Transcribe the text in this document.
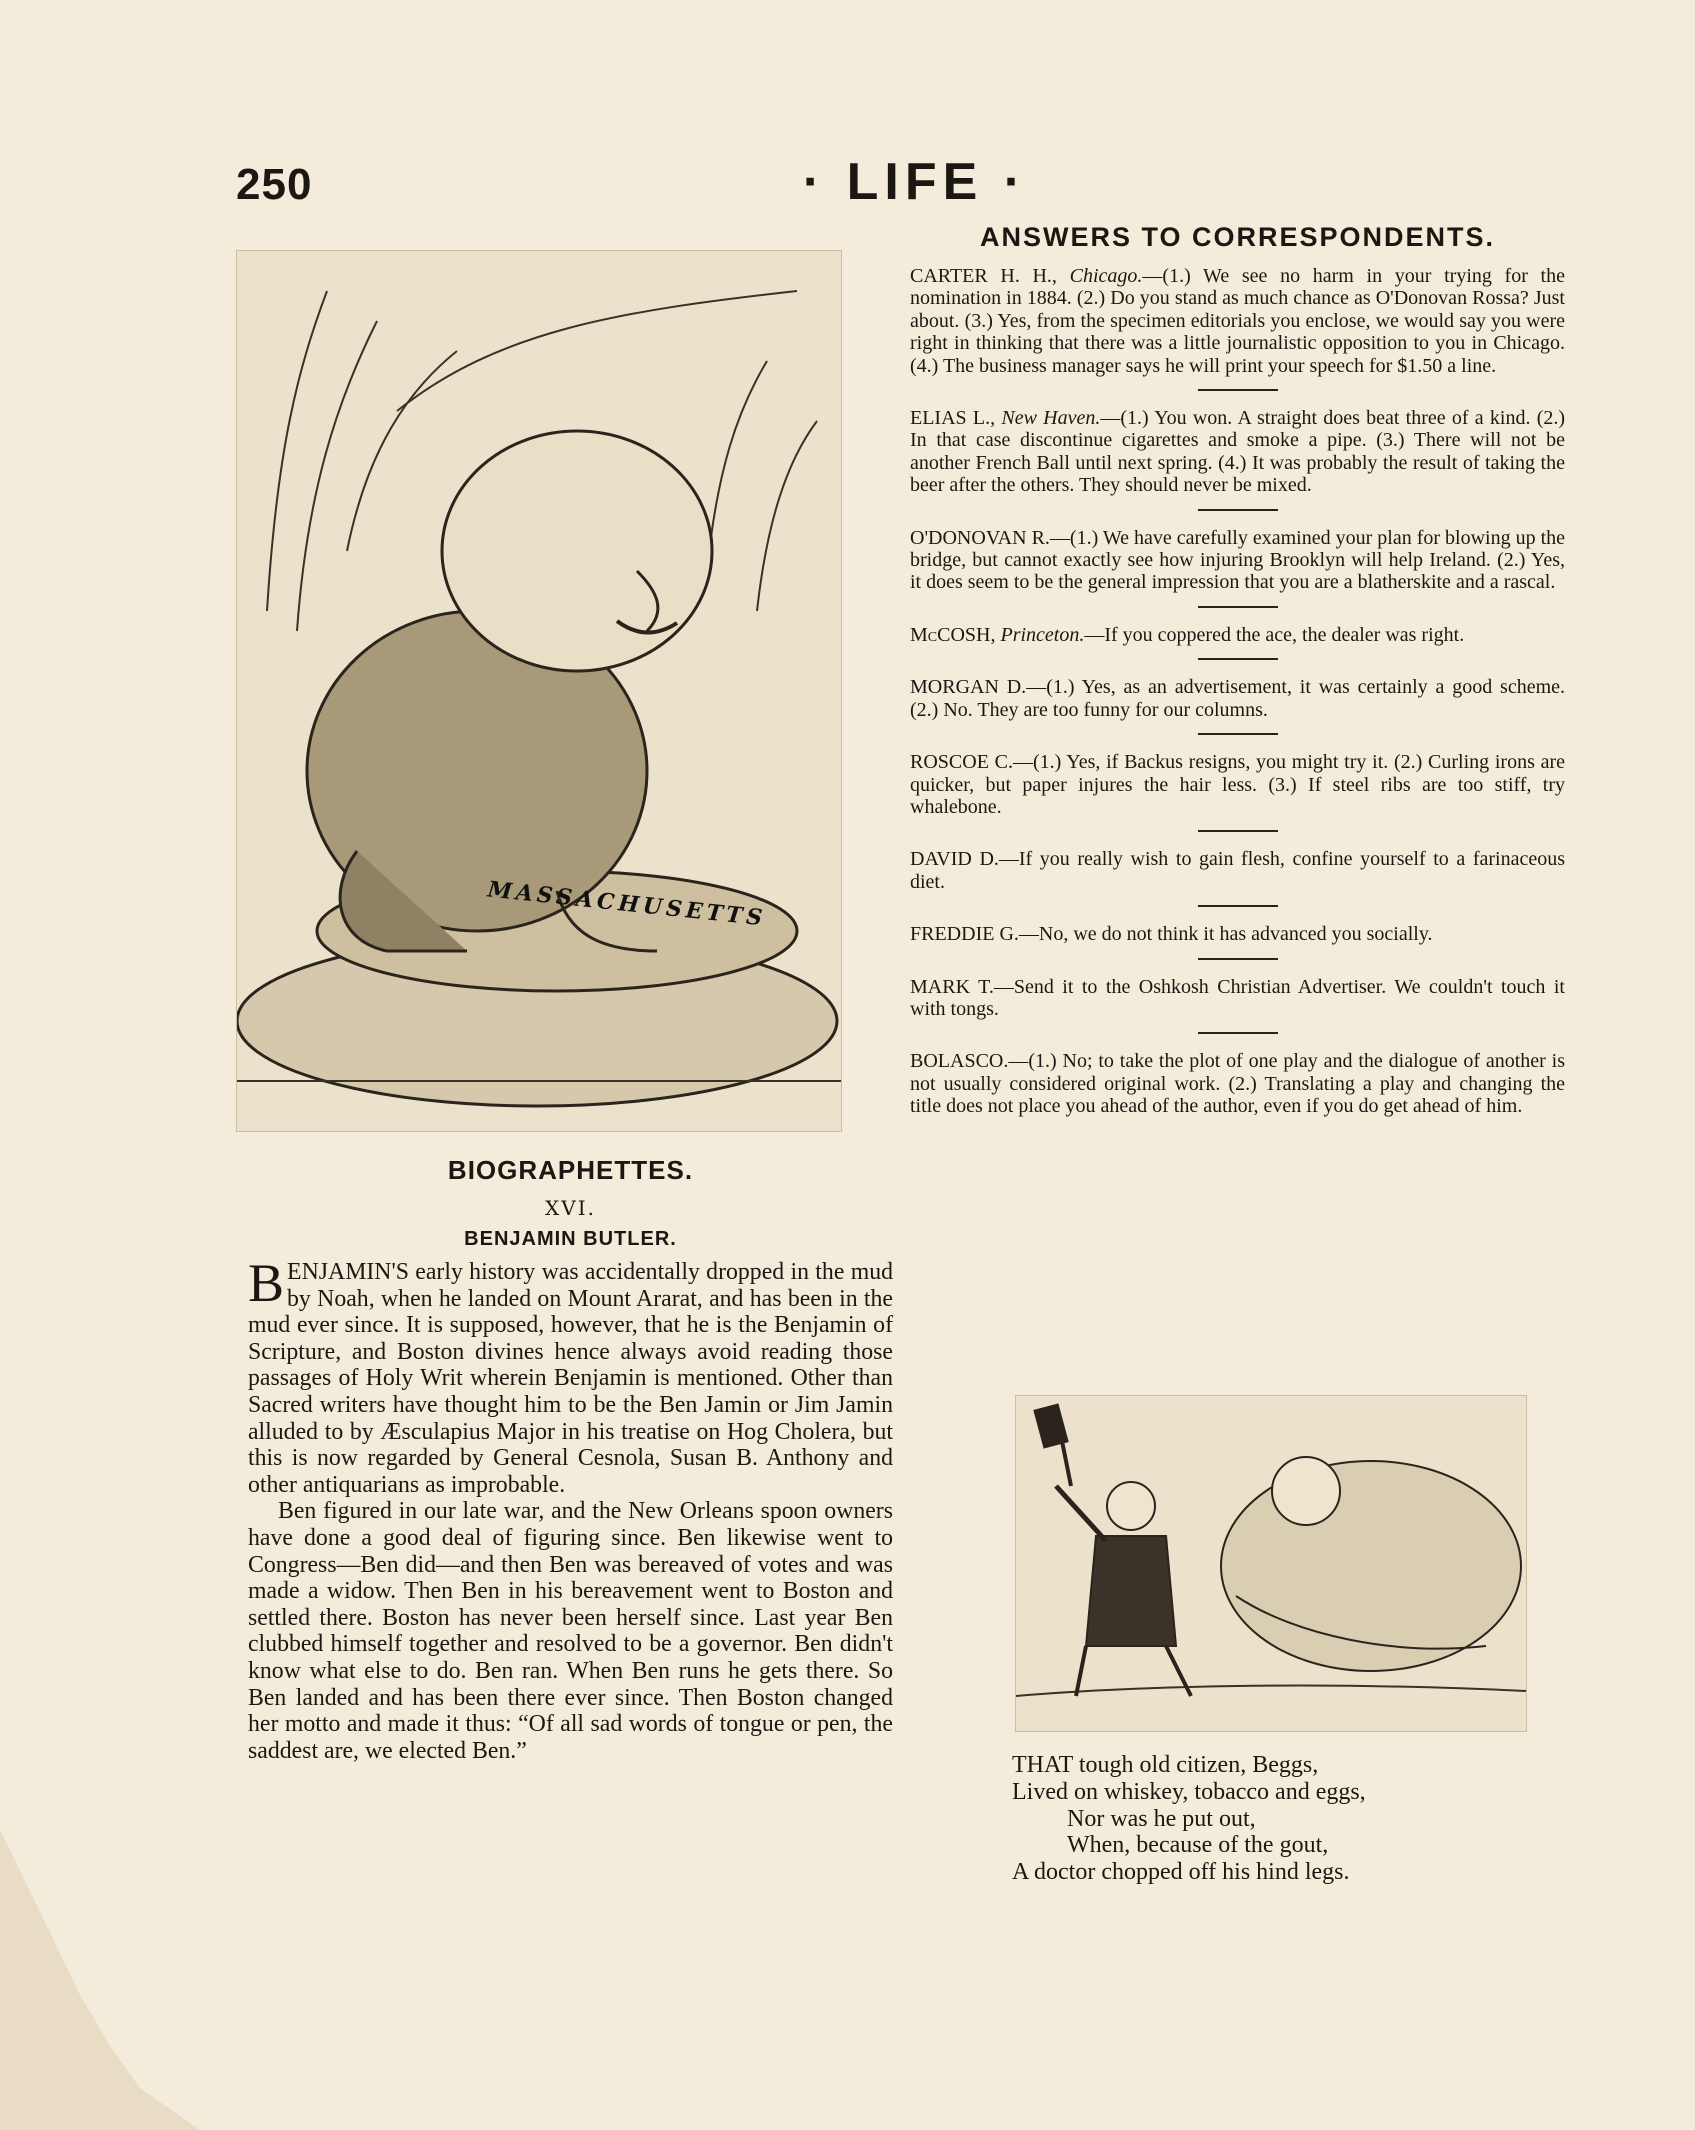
250	· LIFE ·
MASSACHUSETTS
BIOGRAPHETTES.
XVI.
BENJAMIN BUTLER.

BENJAMIN'S early history was accidentally dropped in the mud by Noah, when he landed on Mount Ararat, and has been in the mud ever since. It is supposed, however, that he is the Benjamin of Scripture, and Boston divines hence always avoid reading those passages of Holy Writ wherein Benjamin is mentioned. Other than Sacred writers have thought him to be the Ben Jamin or Jim Jamin alluded to by Æsculapius Major in his treatise on Hog Cholera, but this is now regarded by General Cesnola, Susan B. Anthony and other antiquarians as improbable.

Ben figured in our late war, and the New Orleans spoon owners have done a good deal of figuring since. Ben likewise went to Congress—Ben did—and then Ben was bereaved of votes and was made a widow. Then Ben in his bereavement went to Boston and settled there. Boston has never been herself since. Last year Ben clubbed himself together and resolved to be a governor. Ben didn't know what else to do. Ben ran. When Ben runs he gets there. So Ben landed and has been there ever since. Then Boston changed her motto and made it thus: “Of all sad words of tongue or pen, the saddest are, we elected Ben.”

ANSWERS TO CORRESPONDENTS.

CARTER H. H., Chicago.—(1.) We see no harm in your trying for the nomination in 1884. (2.) Do you stand as much chance as O'Donovan Rossa? Just about. (3.) Yes, from the specimen editorials you enclose, we would say you were right in thinking that there was a little journalistic opposition to you in Chicago. (4.) The business manager says he will print your speech for $1.50 a line.

ELIAS L., New Haven.—(1.) You won. A straight does beat three of a kind. (2.) In that case discontinue cigarettes and smoke a pipe. (3.) There will not be another French Ball until next spring. (4.) It was probably the result of taking the beer after the others. They should never be mixed.

O'DONOVAN R.—(1.) We have carefully examined your plan for blowing up the bridge, but cannot exactly see how injuring Brooklyn will help Ireland. (2.) Yes, it does seem to be the general impression that you are a blatherskite and a rascal.

McCOSH, Princeton.—If you coppered the ace, the dealer was right.

MORGAN D.—(1.) Yes, as an advertisement, it was certainly a good scheme. (2.) No. They are too funny for our columns.

ROSCOE C.—(1.) Yes, if Backus resigns, you might try it. (2.) Curling irons are quicker, but paper injures the hair less. (3.) If steel ribs are too stiff, try whalebone.

DAVID D.—If you really wish to gain flesh, confine yourself to a farinaceous diet.

FREDDIE G.—No, we do not think it has advanced you socially.

MARK T.—Send it to the Oshkosh Christian Advertiser. We couldn't touch it with tongs.

BOLASCO.—(1.) No; to take the plot of one play and the dialogue of another is not usually considered original work. (2.) Translating a play and changing the title does not place you ahead of the author, even if you do get ahead of him.

THAT tough old citizen, Beggs,
Lived on whiskey, tobacco and eggs,
Nor was he put out,
When, because of the gout,
A doctor chopped off his hind legs.
